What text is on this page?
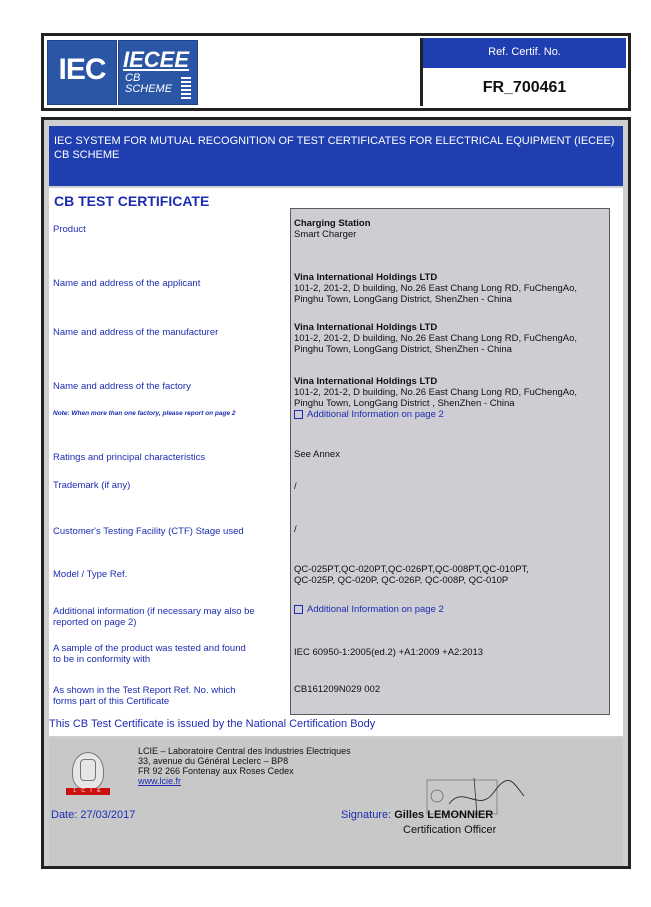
IEC IECEE
CB
SCHEME
Ref. Certif. No.
FR_700461
IEC SYSTEM FOR MUTUAL RECOGNITION OF TEST CERTIFICATES FOR ELECTRICAL EQUIPMENT (IECEE) CB SCHEME
CB TEST CERTIFICATE
Product
Name and address of the applicant
Name and address of the manufacturer
Name and address of the factory
Note: When more than one factory, please report on page 2
Ratings and principal characteristics
Trademark (if any)
Customer's Testing Facility (CTF) Stage used
Model / Type Ref.
Additional information (if necessary may also be
reported on page 2)
A sample of the product was tested and found
to be in conformity with
As shown in the Test Report Ref. No. which
forms part of this Certificate
Charging Station
Smart Charger
Vina International Holdings LTD
101-2, 201-2, D building, No.26 East Chang Long RD, FuChengAo,
Pinghu Town, LongGang District, ShenZhen - China
Vina International Holdings LTD
101-2, 201-2, D building, No.26 East Chang Long RD, FuChengAo,
Pinghu Town, LongGang District, ShenZhen - China
Vina International Holdings LTD
101-2, 201-2, D building, No.26 East Chang Long RD, FuChengAo,
Pinghu Town, LongGang District , ShenZhen - China
Additional Information on page 2
See Annex
/
/
QC-025PT,QC-020PT,QC-026PT,QC-008PT,QC-010PT,
QC-025P, QC-020P, QC-026P, QC-008P, QC-010P
Additional Information on page 2
IEC 60950-1:2005(ed.2) +A1:2009 +A2:2013
CB161209N029 002
This CB Test Certificate is issued by the National Certification Body
L C I E
LCIE – Laboratoire Central des Industries Electriques
33, avenue du Général Leclerc – BP8
FR 92 266 Fontenay aux Roses Cedex
www.lcie.fr
Date: 27/03/2017	Signature: Gilles LEMONNIER
Certification Officer
